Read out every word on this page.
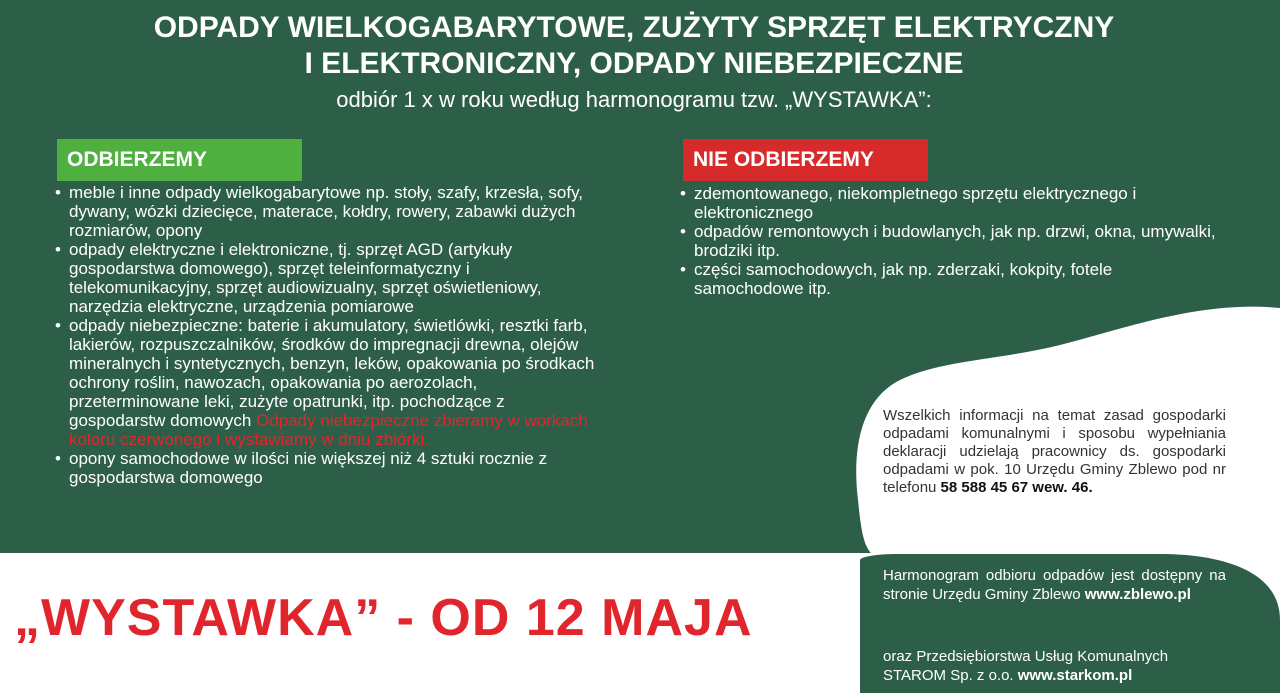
ODPADY WIELKOGABARYTOWE, ZUŻYTY SPRZĘT ELEKTRYCZNY
I ELEKTRONICZNY, ODPADY NIEBEZPIECZNE
odbiór 1 x w roku według harmonogramu tzw. „WYSTAWKA”:
ODBIERZEMY	NIE ODBIERZEMY
• meble i inne odpady wielkogabarytowe np. stoły, szafy, krzesła, sofy, dywany, wózki dziecięce, materace, kołdry, rowery, zabawki dużych rozmiarów, opony
• odpady elektryczne i elektroniczne, tj. sprzęt AGD (artykuły gospodarstwa domowego), sprzęt teleinformatyczny i telekomunikacyjny, sprzęt audiowizualny, sprzęt oświetleniowy, narzędzia elektryczne, urządzenia pomiarowe
• odpady niebezpieczne: baterie i akumulatory, świetlówki, resztki farb, lakierów, rozpuszczalników, środków do impregnacji drewna, olejów mineralnych i syntetycznych, benzyn, leków, opakowania po środkach ochrony roślin, nawozach, opakowania po aerozolach, przeterminowane leki, zużyte opatrunki, itp. pochodzące z gospodarstw domowych Odpady niebezpieczne zbieramy w workach koloru czerwonego i wystawiamy w dniu zbiórki.
• opony samochodowe w ilości nie większej niż 4 sztuki rocznie z gospodarstwa domowego
• zdemontowanego, niekompletnego sprzętu elektrycznego i elektronicznego
• odpadów remontowych i budowlanych, jak np. drzwi, okna, umywalki, brodziki itp.
• części samochodowych, jak np. zderzaki, kokpity, fotele samochodowe itp.
„WYSTAWKA” - OD 12 MAJA
Wszelkich informacji na temat zasad gospodarki odpadami komunalnymi i sposobu wypełniania deklaracji udzielają pracownicy ds. gospodarki odpadami w pok. 10 Urzędu Gminy Zblewo pod nr telefonu 58 588 45 67 wew. 46.
Harmonogram odbioru odpadów jest dostępny na stronie Urzędu Gminy Zblewo www.zblewo.pl
oraz Przedsiębiorstwa Usług Komunalnych STAROM Sp. z o.o. www.starkom.pl
